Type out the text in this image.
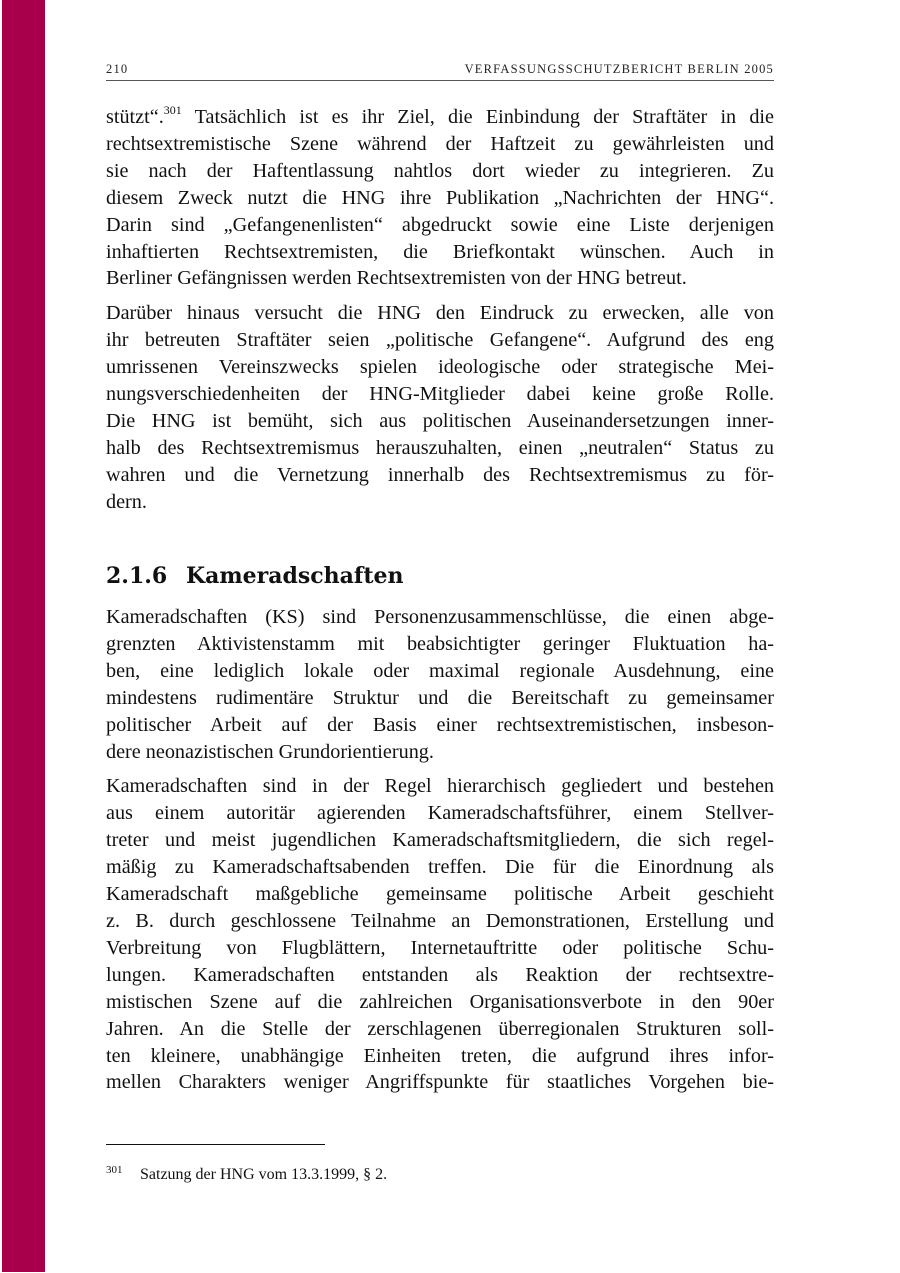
210	VERFASSUNGSSCHUTZBERICHT BERLIN 2005
stützt“.$^{301}$ Tatsächlich ist es ihr Ziel, die Einbindung der Straftäter in die
rechtsextremistische Szene während der Haftzeit zu gewährleisten und
sie nach der Haftentlassung nahtlos dort wieder zu integrieren. Zu
diesem Zweck nutzt die HNG ihre Publikation „Nachrichten der HNG“.
Darin sind „Gefangenenlisten“ abgedruckt sowie eine Liste derjenigen
inhaftierten Rechtsextremisten, die Briefkontakt wünschen. Auch in
Berliner Gefängnissen werden Rechtsextremisten von der HNG betreut.
Darüber hinaus versucht die HNG den Eindruck zu erwecken, alle von
ihr betreuten Straftäter seien „politische Gefangene“. Aufgrund des eng
umrissenen Vereinszwecks spielen ideologische oder strategische Mei-
nungsverschiedenheiten der HNG-Mitglieder dabei keine große Rolle.
Die HNG ist bemüht, sich aus politischen Auseinandersetzungen inner-
halb des Rechtsextremismus herauszuhalten, einen „neutralen“ Status zu
wahren und die Vernetzung innerhalb des Rechtsextremismus zu för-
dern.
2.1.6 Kameradschaften
Kameradschaften (KS) sind Personenzusammenschlüsse, die einen abge-
grenzten Aktivistenstamm mit beabsichtigter geringer Fluktuation ha-
ben, eine lediglich lokale oder maximal regionale Ausdehnung, eine
mindestens rudimentäre Struktur und die Bereitschaft zu gemeinsamer
politischer Arbeit auf der Basis einer rechtsextremistischen, insbeson-
dere neonazistischen Grundorientierung.
Kameradschaften sind in der Regel hierarchisch gegliedert und bestehen
aus einem autoritär agierenden Kameradschaftsführer, einem Stellver-
treter und meist jugendlichen Kameradschaftsmitgliedern, die sich regel-
mäßig zu Kameradschaftsabenden treffen. Die für die Einordnung als
Kameradschaft maßgebliche gemeinsame politische Arbeit geschieht
z. B. durch geschlossene Teilnahme an Demonstrationen, Erstellung und
Verbreitung von Flugblättern, Internetauftritte oder politische Schu-
lungen. Kameradschaften entstanden als Reaktion der rechtsextre-
mistischen Szene auf die zahlreichen Organisationsverbote in den 90er
Jahren. An die Stelle der zerschlagenen überregionalen Strukturen soll-
ten kleinere, unabhängige Einheiten treten, die aufgrund ihres infor-
mellen Charakters weniger Angriffspunkte für staatliches Vorgehen bie-
301 Satzung der HNG vom 13.3.1999, § 2.
